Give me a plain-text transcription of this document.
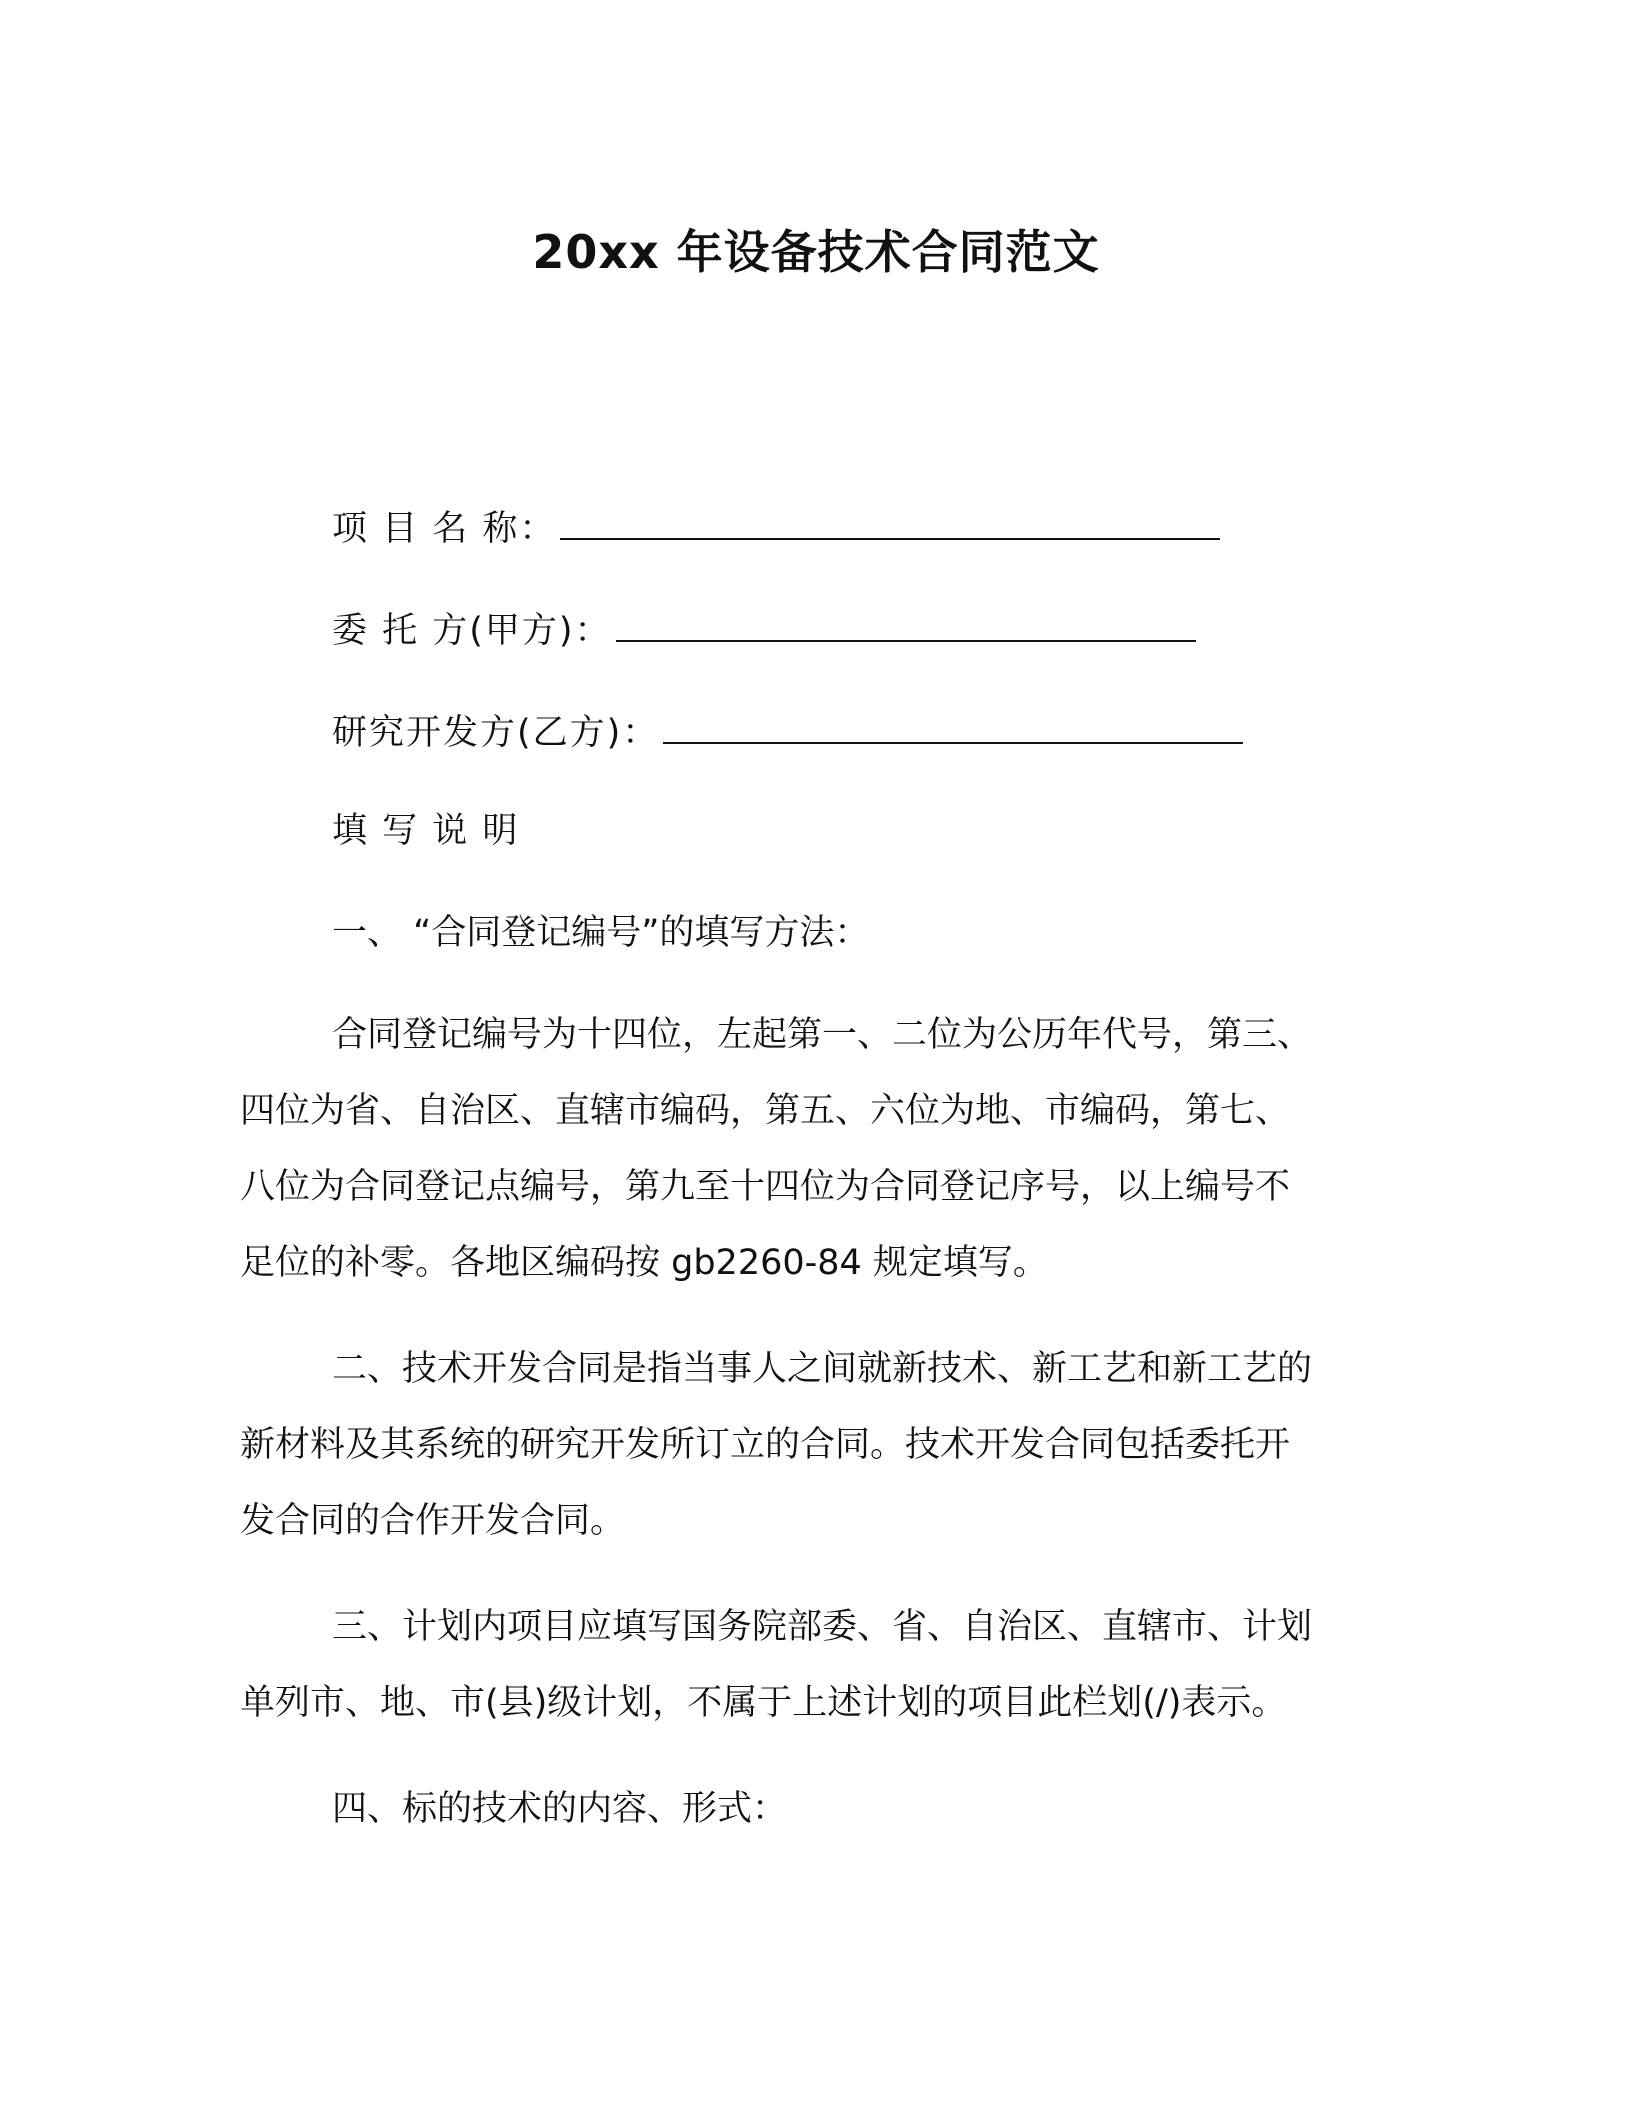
20xx 年设备技术合同范文
项 目 名 称：
委 托 方(甲方)：
研究开发方(乙方)：
填 写 说 明
一、 “合同登记编号”的填写方法：
合同登记编号为十四位，左起第一、二位为公历年代号，第三、
四位为省、自治区、直辖市编码，第五、六位为地、市编码，第七、
八位为合同登记点编号，第九至十四位为合同登记序号，以上编号不
足位的补零。各地区编码按 gb2260-84 规定填写。
二、技术开发合同是指当事人之间就新技术、新工艺和新工艺的
新材料及其系统的研究开发所订立的合同。技术开发合同包括委托开
发合同的合作开发合同。
三、计划内项目应填写国务院部委、省、自治区、直辖市、计划
单列市、地、市(县)级计划，不属于上述计划的项目此栏划(/)表示。
四、标的技术的内容、形式：
